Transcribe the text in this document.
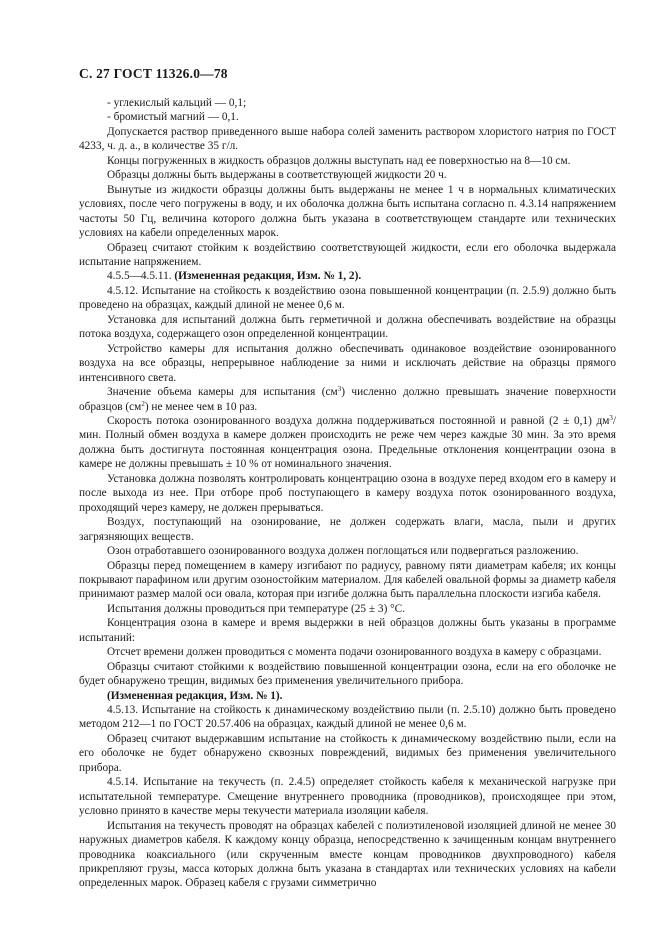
С. 27 ГОСТ 11326.0—78

- углекислый кальций — 0,1;

- бромистый магний — 0,1.

Допускается раствор приведенного выше набора солей заменить раствором хлористого натрия по ГОСТ 4233, ч. д. а., в количестве 35 г/л.

Концы погруженных в жидкость образцов должны выступать над ее поверхностью на 8—10 см.

Образцы должны быть выдержаны в соответствующей жидкости 20 ч.

Вынутые из жидкости образцы должны быть выдержаны не менее 1 ч в нормальных климатических условиях, после чего погружены в воду, и их оболочка должна быть испытана согласно п. 4.3.14 напряжением частоты 50 Гц, величина которого должна быть указана в соответствующем стандарте или технических условиях на кабели определенных марок.

Образец считают стойким к воздействию соответствующей жидкости, если его оболочка выдержала испытание напряжением.

4.5.5—4.5.11. (Измененная редакция, Изм. № 1, 2).

4.5.12. Испытание на стойкость к воздействию озона повышенной концентрации (п. 2.5.9) должно быть проведено на образцах, каждый длиной не менее 0,6 м.

Установка для испытаний должна быть герметичной и должна обеспечивать воздействие на образцы потока воздуха, содержащего озон определенной концентрации.

Устройство камеры для испытания должно обеспечивать одинаковое воздействие озонированного воздуха на все образцы, непрерывное наблюдение за ними и исключать действие на образцы прямого интенсивного света.

Значение объема камеры для испытания $(см^3)$ численно должно превышать значение поверхности образцов $(см^2)$ не менее чем в 10 раз.

Скорость потока озонированного воздуха должна поддерживаться постоянной и равной (2 ± 0,1) $дм^3$/мин. Полный обмен воздуха в камере должен происходить не реже чем через каждые 30 мин. За это время должна быть достигнута постоянная концентрация озона. Предельные отклонения концентрации озона в камере не должны превышать ± 10 % от номинального значения.

Установка должна позволять контролировать концентрацию озона в воздухе перед входом его в камеру и после выхода из нее. При отборе проб поступающего в камеру воздуха поток озонированного воздуха, проходящий через камеру, не должен прерываться.

Воздух, поступающий на озонирование, не должен содержать влаги, масла, пыли и других загрязняющих веществ.

Озон отработавшего озонированного воздуха должен поглощаться или подвергаться разложению.

Образцы перед помещением в камеру изгибают по радиусу, равному пяти диаметрам кабеля; их концы покрывают парафином или другим озоностойким материалом. Для кабелей овальной формы за диаметр кабеля принимают размер малой оси овала, которая при изгибе должна быть параллельна плоскости изгиба кабеля.

Испытания должны проводиться при температуре (25 ± 3) °С.

Концентрация озона в камере и время выдержки в ней образцов должны быть указаны в программе испытаний:

Отсчет времени должен проводиться с момента подачи озонированного воздуха в камеру с образцами.

Образцы считают стойкими к воздействию повышенной концентрации озона, если на его оболочке не будет обнаружено трещин, видимых без применения увеличительного прибора.

(Измененная редакция, Изм. № 1).

4.5.13. Испытание на стойкость к динамическому воздействию пыли (п. 2.5.10) должно быть проведено методом 212—1 по ГОСТ 20.57.406 на образцах, каждый длиной не менее 0,6 м.

Образец считают выдержавшим испытание на стойкость к динамическому воздействию пыли, если на его оболочке не будет обнаружено сквозных повреждений, видимых без применения увеличительного прибора.

4.5.14. Испытание на текучесть (п. 2.4.5) определяет стойкость кабеля к механической нагрузке при испытательной температуре. Смещение внутреннего проводника (проводников), происходящее при этом, условно принято в качестве меры текучести материала изоляции кабеля.

Испытания на текучесть проводят на образцах кабелей с полиэтиленовой изоляцией длиной не менее 30 наружных диаметров кабеля. К каждому концу образца, непосредственно к зачищенным концам внутреннего проводника коаксиального (или скрученным вместе концам проводников двухпроводного) кабеля прикрепляют грузы, масса которых должна быть указана в стандартах или технических условиях на кабели определенных марок. Образец кабеля с грузами симметрично
